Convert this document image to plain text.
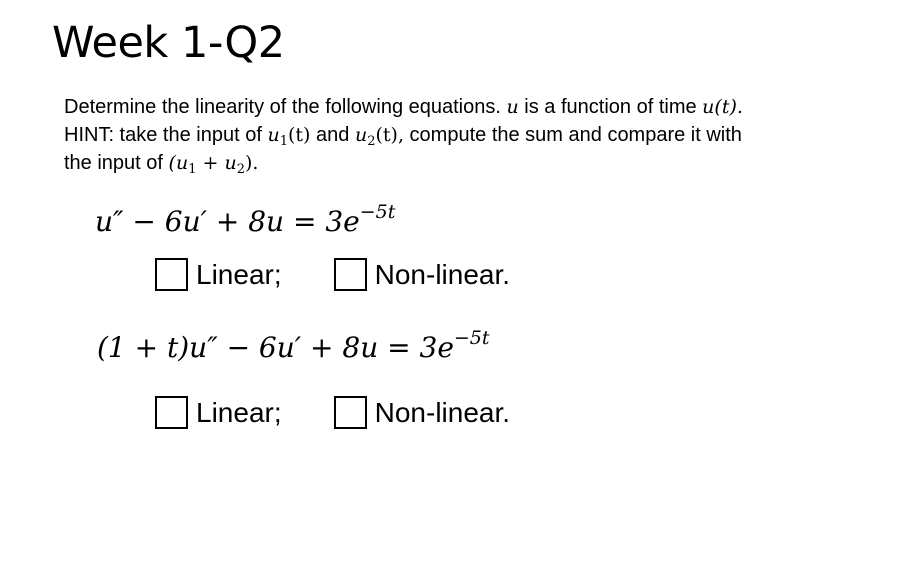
Week 1-Q2
Determine the linearity of the following equations. u is a function of time u(t).
HINT: take the input of $u_1(t)$ and $u_2(t)$, compute the sum and compare it with
the input of $(u_1 + u_2)$.
$u'' - 6u' + 8u = 3e^{-5t}$
Linear;	Non-linear.
$(1 + t)u'' - 6u' + 8u = 3e^{-5t}$
Linear;	Non-linear.
